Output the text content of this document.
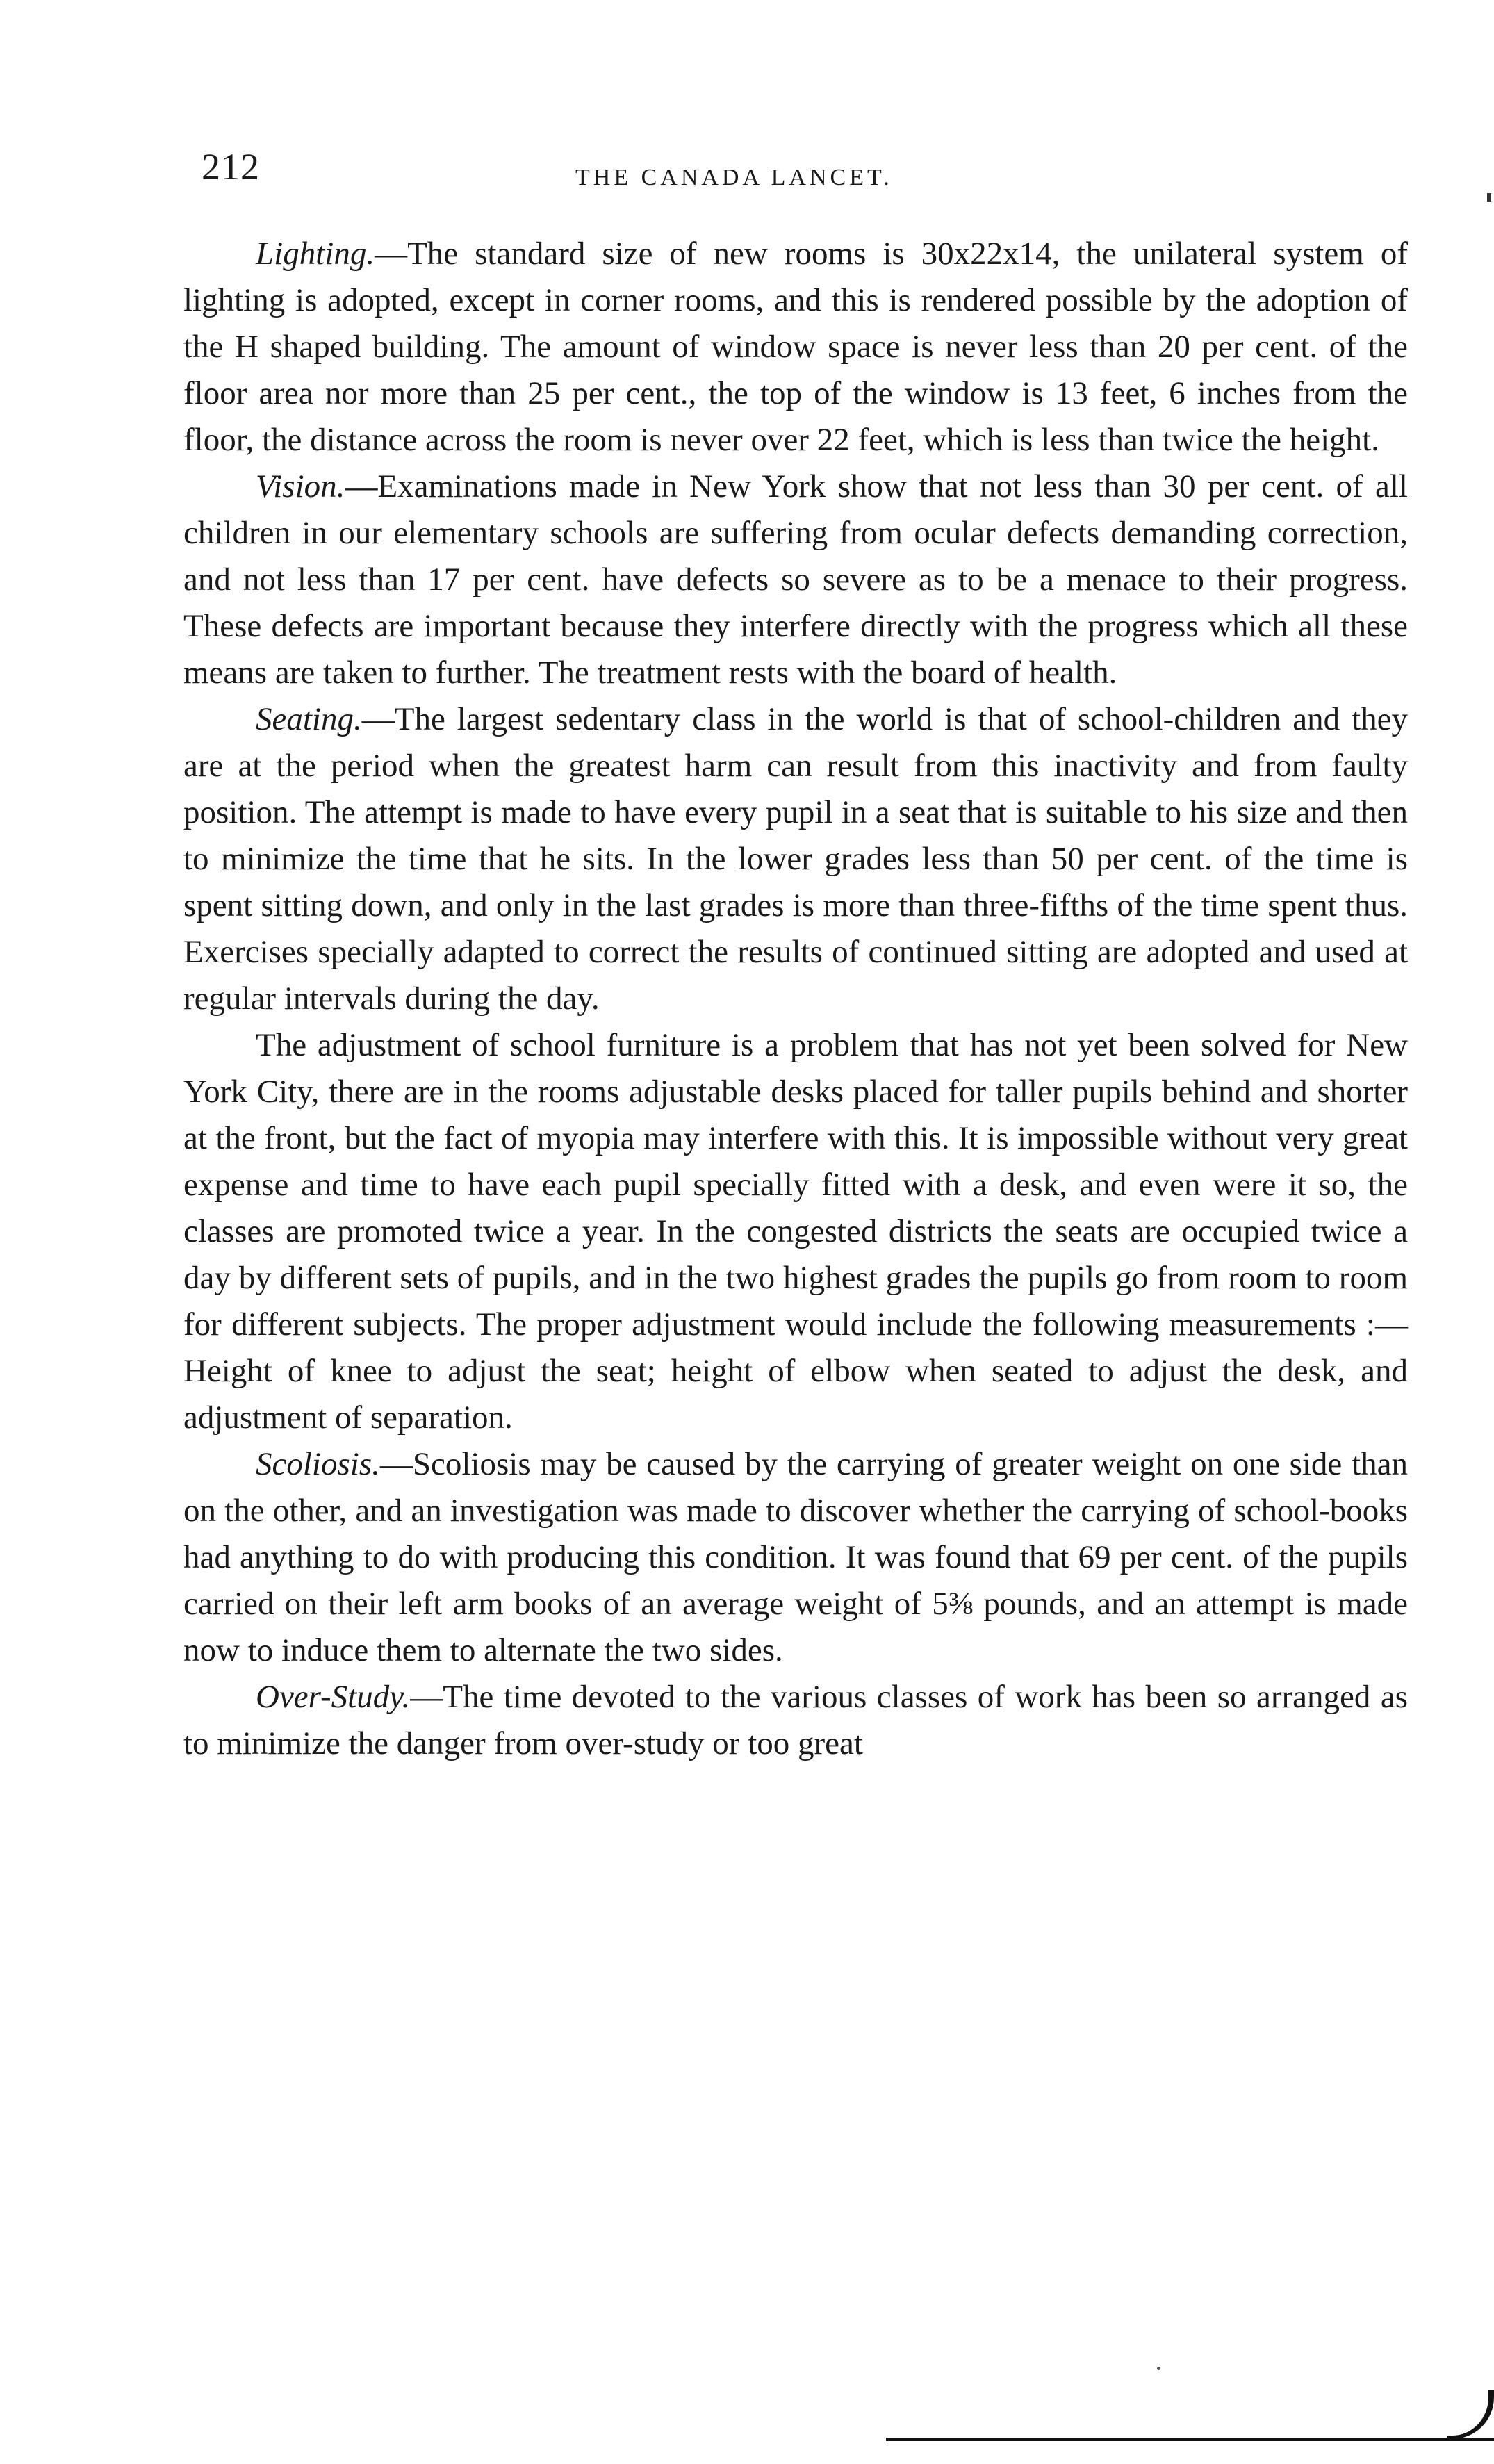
212	THE CANADA LANCET.

Lighting.—The standard size of new rooms is 30x22x14, the unilateral system of lighting is adopted, except in corner rooms, and this is rendered possible by the adoption of the H shaped building. The amount of window space is never less than 20 per cent. of the floor area nor more than 25 per cent., the top of the window is 13 feet, 6 inches from the floor, the distance across the room is never over 22 feet, which is less than twice the height.

Vision.—Examinations made in New York show that not less than 30 per cent. of all children in our elementary schools are suffering from ocular defects demanding correction, and not less than 17 per cent. have defects so severe as to be a menace to their progress. These defects are important because they interfere directly with the progress which all these means are taken to further. The treatment rests with the board of health.

Seating.—The largest sedentary class in the world is that of school-children and they are at the period when the greatest harm can result from this inactivity and from faulty position. The attempt is made to have every pupil in a seat that is suitable to his size and then to minimize the time that he sits. In the lower grades less than 50 per cent. of the time is spent sitting down, and only in the last grades is more than three-fifths of the time spent thus. Exercises specially adapted to correct the results of continued sitting are adopted and used at regular intervals during the day.

The adjustment of school furniture is a problem that has not yet been solved for New York City, there are in the rooms adjustable desks placed for taller pupils behind and shorter at the front, but the fact of myopia may interfere with this. It is impossible without very great expense and time to have each pupil specially fitted with a desk, and even were it so, the classes are promoted twice a year. In the congested districts the seats are occupied twice a day by different sets of pupils, and in the two highest grades the pupils go from room to room for different subjects. The proper adjustment would include the following measurements :—Height of knee to adjust the seat; height of elbow when seated to adjust the desk, and adjustment of separation.

Scoliosis.—Scoliosis may be caused by the carrying of greater weight on one side than on the other, and an investigation was made to discover whether the carrying of school-books had anything to do with producing this condition. It was found that 69 per cent. of the pupils carried on their left arm books of an average weight of 5⅜ pounds, and an attempt is made now to induce them to alternate the two sides.

Over-Study.—The time devoted to the various classes of work has been so arranged as to minimize the danger from over-study or too great
